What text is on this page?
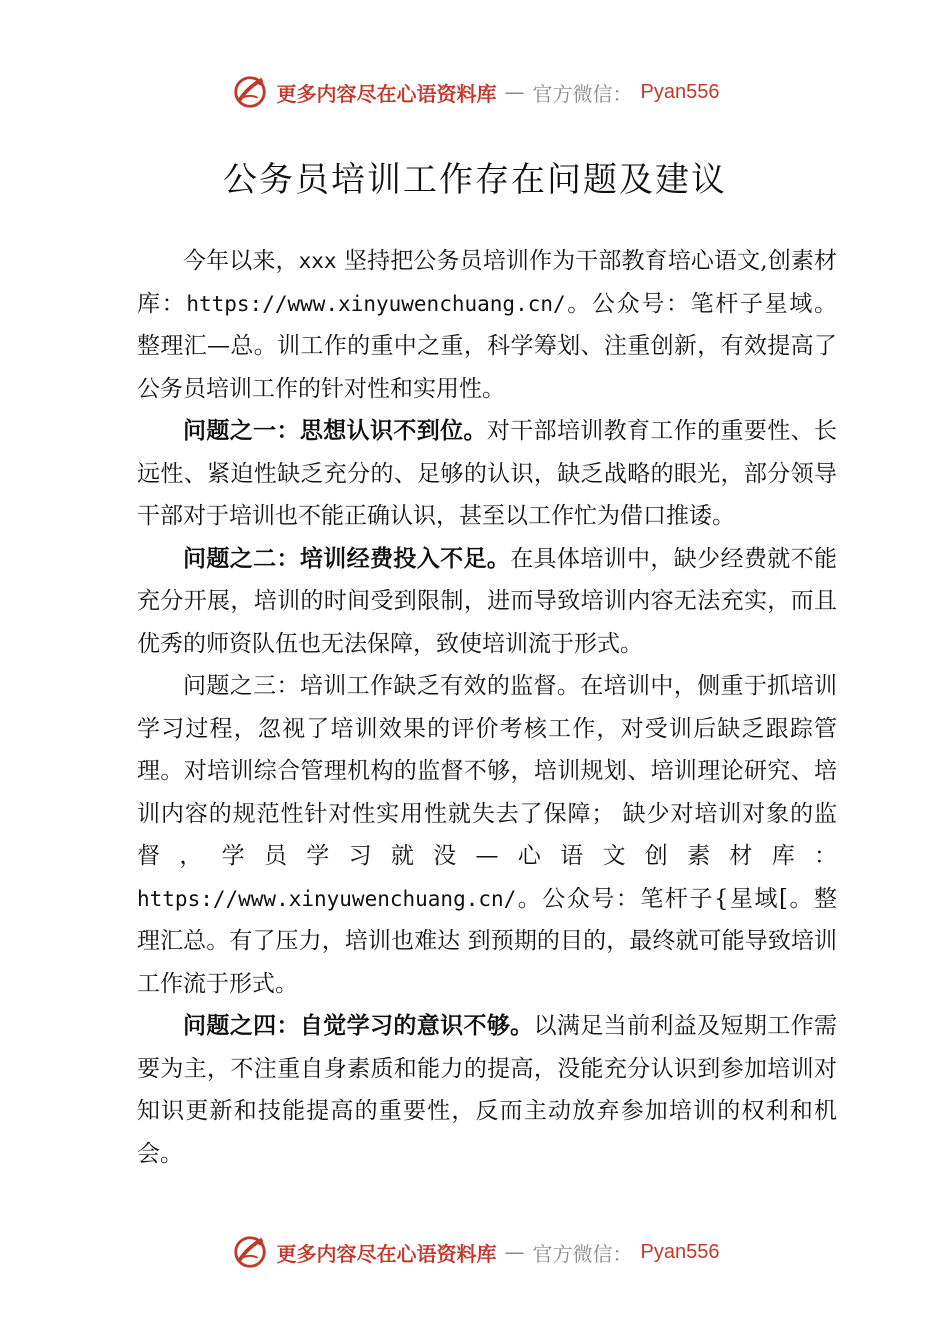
更多内容尽在心语资料库 — 官方微信： Pyan556
公务员培训工作存在问题及建议

今年以来，xxx 坚持把公务员培训作为干部教育培心语文,创素材库：https://www.xinyuwenchuang.cn/。公众号：笔杆子星域。整理汇—总。训工作的重中之重，科学筹划、注重创新，有效提高了公务员培训工作的针对性和实用性。

问题之一：思想认识不到位。对干部培训教育工作的重要性、长远性、紧迫性缺乏充分的、足够的认识，缺乏战略的眼光，部分领导干部对于培训也不能正确认识，甚至以工作忙为借口推诿。

问题之二：培训经费投入不足。在具体培训中，缺少经费就不能充分开展，培训的时间受到限制，进而导致培训内容无法充实，而且优秀的师资队伍也无法保障，致使培训流于形式。

问题之三：培训工作缺乏有效的监督。在培训中，侧重于抓培训学习过程，忽视了培训效果的评价考核工作，对受训后缺乏跟踪管理。对培训综合管理机构的监督不够，培训规划、培训理论研究、培训内容的规范性针对性实用性就失去了保障； 缺少对培训对象的监督，学员学习就没—心语文创素材库：https://www.xinyuwenchuang.cn/。公众号：笔杆子{星域[。整理汇总。有了压力，培训也难达 到预期的目的，最终就可能导致培训工作流于形式。

问题之四：自觉学习的意识不够。以满足当前利益及短期工作需要为主，不注重自身素质和能力的提高，没能充分认识到参加培训对知识更新和技能提高的重要性，反而主动放弃参加培训的权利和机会。

更多内容尽在心语资料库 — 官方微信： Pyan556
